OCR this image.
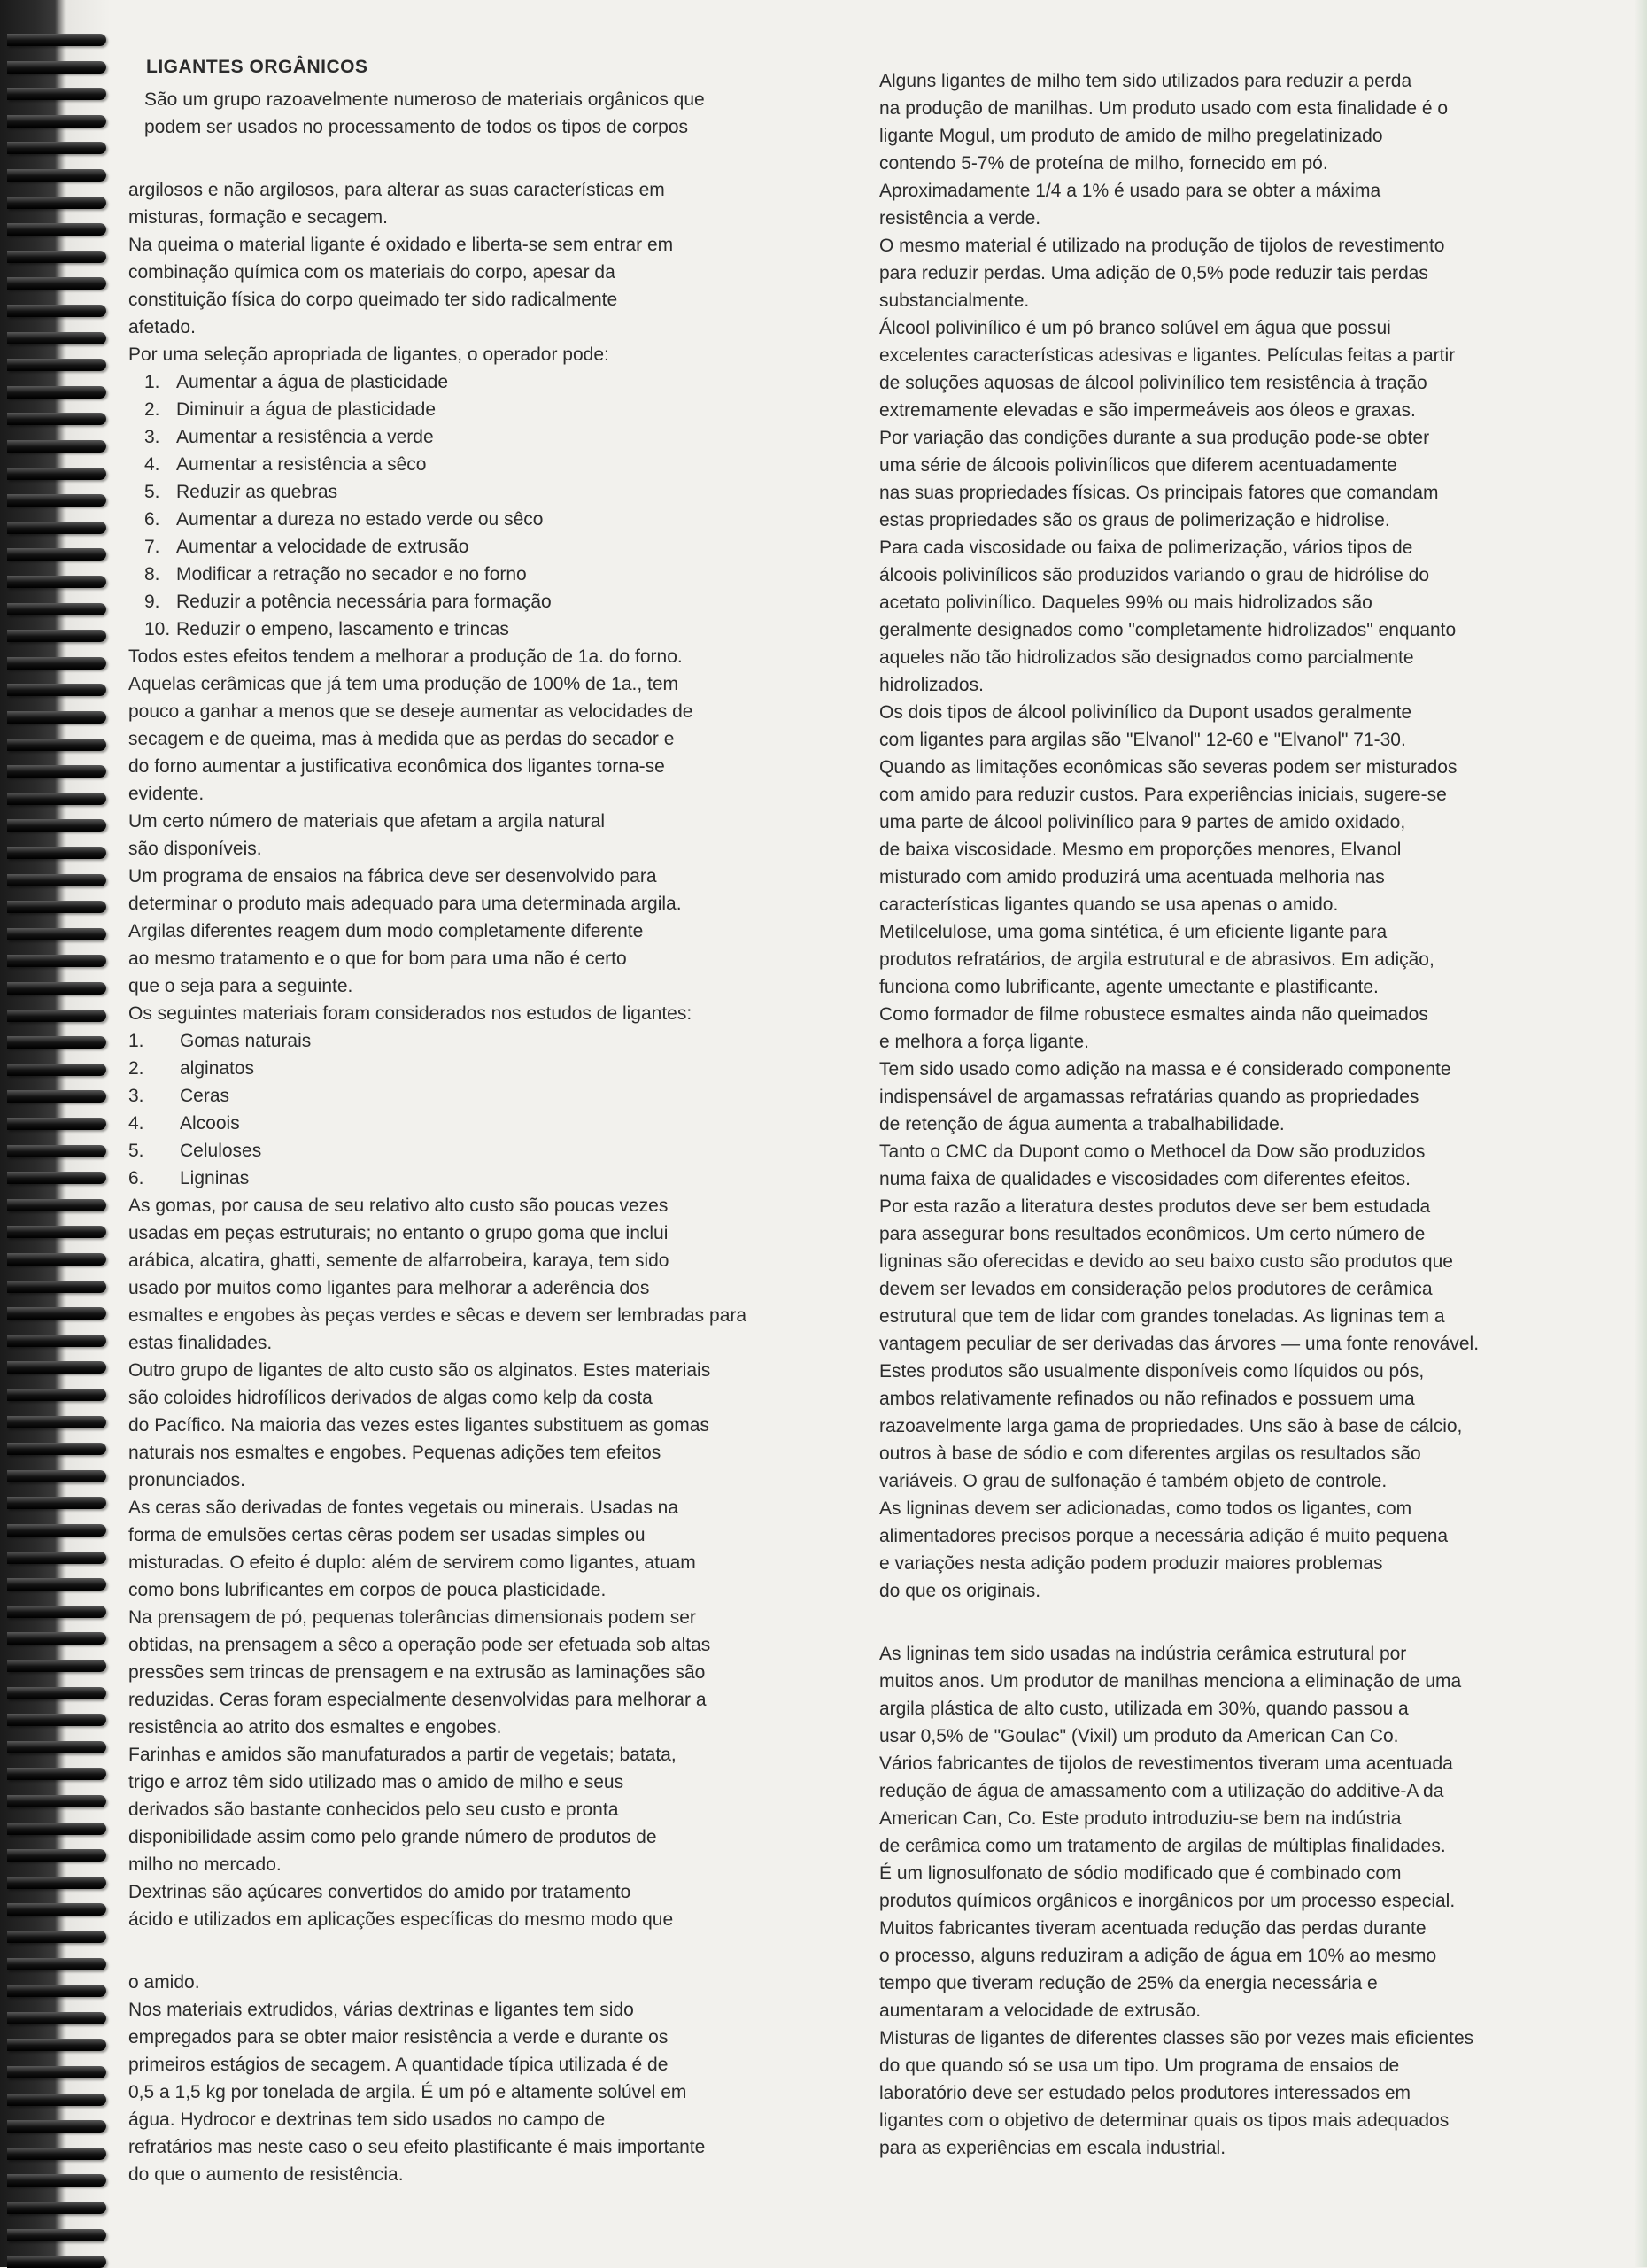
LIGANTES ORGÂNICOS

São um grupo razoavelmente numeroso de materiais orgânicos que

podem ser usados no processamento de todos os tipos de corpos

argilosos e não argilosos, para alterar as suas características em

misturas, formação e secagem.

Na queima o material ligante é oxidado e liberta-se sem entrar em

combinação química com os materiais do corpo, apesar da

constituição física do corpo queimado ter sido radicalmente

afetado.

Por uma seleção apropriada de ligantes, o operador pode:

1. Aumentar a água de plasticidade
2. Diminuir a água de plasticidade
3. Aumentar a resistência a verde
4. Aumentar a resistência a sêco
5. Reduzir as quebras
6. Aumentar a dureza no estado verde ou sêco
7. Aumentar a velocidade de extrusão
8. Modificar a retração no secador e no forno
9. Reduzir a potência necessária para formação
10. Reduzir o empeno, lascamento e trincas

Todos estes efeitos tendem a melhorar a produção de 1a. do forno.

Aquelas cerâmicas que já tem uma produção de 100% de 1a., tem

pouco a ganhar a menos que se deseje aumentar as velocidades de

secagem e de queima, mas à medida que as perdas do secador e

do forno aumentar a justificativa econômica dos ligantes torna-se

evidente.

Um certo número de materiais que afetam a argila natural

são disponíveis.

Um programa de ensaios na fábrica deve ser desenvolvido para

determinar o produto mais adequado para uma determinada argila.

Argilas diferentes reagem dum modo completamente diferente

ao mesmo tratamento e o que for bom para uma não é certo

que o seja para a seguinte.

Os seguintes materiais foram considerados nos estudos de ligantes:

1. Gomas naturais
2. alginatos
3. Ceras
4. Alcoois
5. Celuloses
6. Ligninas

As gomas, por causa de seu relativo alto custo são poucas vezes

usadas em peças estruturais; no entanto o grupo goma que inclui

arábica, alcatira, ghatti, semente de alfarrobeira, karaya, tem sido

usado por muitos como ligantes para melhorar a aderência dos

esmaltes e engobes às peças verdes e sêcas e devem ser lembradas para

estas finalidades.

Outro grupo de ligantes de alto custo são os alginatos. Estes materiais

são coloides hidrofílicos derivados de algas como kelp da costa

do Pacífico. Na maioria das vezes estes ligantes substituem as gomas

naturais nos esmaltes e engobes. Pequenas adições tem efeitos

pronunciados.

As ceras são derivadas de fontes vegetais ou minerais. Usadas na

forma de emulsões certas cêras podem ser usadas simples ou

misturadas. O efeito é duplo: além de servirem como ligantes, atuam

como bons lubrificantes em corpos de pouca plasticidade.

Na prensagem de pó, pequenas tolerâncias dimensionais podem ser

obtidas, na prensagem a sêco a operação pode ser efetuada sob altas

pressões sem trincas de prensagem e na extrusão as laminações são

reduzidas. Ceras foram especialmente desenvolvidas para melhorar a

resistência ao atrito dos esmaltes e engobes.

Farinhas e amidos são manufaturados a partir de vegetais; batata,

trigo e arroz têm sido utilizado mas o amido de milho e seus

derivados são bastante conhecidos pelo seu custo e pronta

disponibilidade assim como pelo grande número de produtos de

milho no mercado.

Dextrinas são açúcares convertidos do amido por tratamento

ácido e utilizados em aplicações específicas do mesmo modo que

o amido.

Nos materiais extrudidos, várias dextrinas e ligantes tem sido

empregados para se obter maior resistência a verde e durante os

primeiros estágios de secagem. A quantidade típica utilizada é de

0,5 a 1,5 kg por tonelada de argila. É um pó e altamente solúvel em

água. Hydrocor e dextrinas tem sido usados no campo de

refratários mas neste caso o seu efeito plastificante é mais importante

do que o aumento de resistência.

Alguns ligantes de milho tem sido utilizados para reduzir a perda

na produção de manilhas. Um produto usado com esta finalidade é o

ligante Mogul, um produto de amido de milho pregelatinizado

contendo 5-7% de proteína de milho, fornecido em pó.

Aproximadamente 1/4 a 1% é usado para se obter a máxima

resistência a verde.

O mesmo material é utilizado na produção de tijolos de revestimento

para reduzir perdas. Uma adição de 0,5% pode reduzir tais perdas

substancialmente.

Álcool polivinílico é um pó branco solúvel em água que possui

excelentes características adesivas e ligantes. Películas feitas a partir

de soluções aquosas de álcool polivinílico tem resistência à tração

extremamente elevadas e são impermeáveis aos óleos e graxas.

Por variação das condições durante a sua produção pode-se obter

uma série de álcoois polivinílicos que diferem acentuadamente

nas suas propriedades físicas. Os principais fatores que comandam

estas propriedades são os graus de polimerização e hidrolise.

Para cada viscosidade ou faixa de polimerização, vários tipos de

álcoois polivinílicos são produzidos variando o grau de hidrólise do

acetato polivinílico. Daqueles 99% ou mais hidrolizados são

geralmente designados como "completamente hidrolizados" enquanto

aqueles não tão hidrolizados são designados como parcialmente

hidrolizados.

Os dois tipos de álcool polivinílico da Dupont usados geralmente

com ligantes para argilas são "Elvanol" 12-60 e "Elvanol" 71-30.

Quando as limitações econômicas são severas podem ser misturados

com amido para reduzir custos. Para experiências iniciais, sugere-se

uma parte de álcool polivinílico para 9 partes de amido oxidado,

de baixa viscosidade. Mesmo em proporções menores, Elvanol

misturado com amido produzirá uma acentuada melhoria nas

características ligantes quando se usa apenas o amido.

Metilcelulose, uma goma sintética, é um eficiente ligante para

produtos refratários, de argila estrutural e de abrasivos. Em adição,

funciona como lubrificante, agente umectante e plastificante.

Como formador de filme robustece esmaltes ainda não queimados

e melhora a força ligante.

Tem sido usado como adição na massa e é considerado componente

indispensável de argamassas refratárias quando as propriedades

de retenção de água aumenta a trabalhabilidade.

Tanto o CMC da Dupont como o Methocel da Dow são produzidos

numa faixa de qualidades e viscosidades com diferentes efeitos.

Por esta razão a literatura destes produtos deve ser bem estudada

para assegurar bons resultados econômicos. Um certo número de

ligninas são oferecidas e devido ao seu baixo custo são produtos que

devem ser levados em consideração pelos produtores de cerâmica

estrutural que tem de lidar com grandes toneladas. As ligninas tem a

vantagem peculiar de ser derivadas das árvores — uma fonte renovável.

Estes produtos são usualmente disponíveis como líquidos ou pós,

ambos relativamente refinados ou não refinados e possuem uma

razoavelmente larga gama de propriedades. Uns são à base de cálcio,

outros à base de sódio e com diferentes argilas os resultados são

variáveis. O grau de sulfonação é também objeto de controle.

As ligninas devem ser adicionadas, como todos os ligantes, com

alimentadores precisos porque a necessária adição é muito pequena

e variações nesta adição podem produzir maiores problemas

do que os originais.

As ligninas tem sido usadas na indústria cerâmica estrutural por

muitos anos. Um produtor de manilhas menciona a eliminação de uma

argila plástica de alto custo, utilizada em 30%, quando passou a

usar 0,5% de "Goulac" (Vixil) um produto da American Can Co.

Vários fabricantes de tijolos de revestimentos tiveram uma acentuada

redução de água de amassamento com a utilização do additive-A da

American Can, Co. Este produto introduziu-se bem na indústria

de cerâmica como um tratamento de argilas de múltiplas finalidades.

É um lignosulfonato de sódio modificado que é combinado com

produtos químicos orgânicos e inorgânicos por um processo especial.

Muitos fabricantes tiveram acentuada redução das perdas durante

o processo, alguns reduziram a adição de água em 10% ao mesmo

tempo que tiveram redução de 25% da energia necessária e

aumentaram a velocidade de extrusão.

Misturas de ligantes de diferentes classes são por vezes mais eficientes

do que quando só se usa um tipo. Um programa de ensaios de

laboratório deve ser estudado pelos produtores interessados em

ligantes com o objetivo de determinar quais os tipos mais adequados

para as experiências em escala industrial.
